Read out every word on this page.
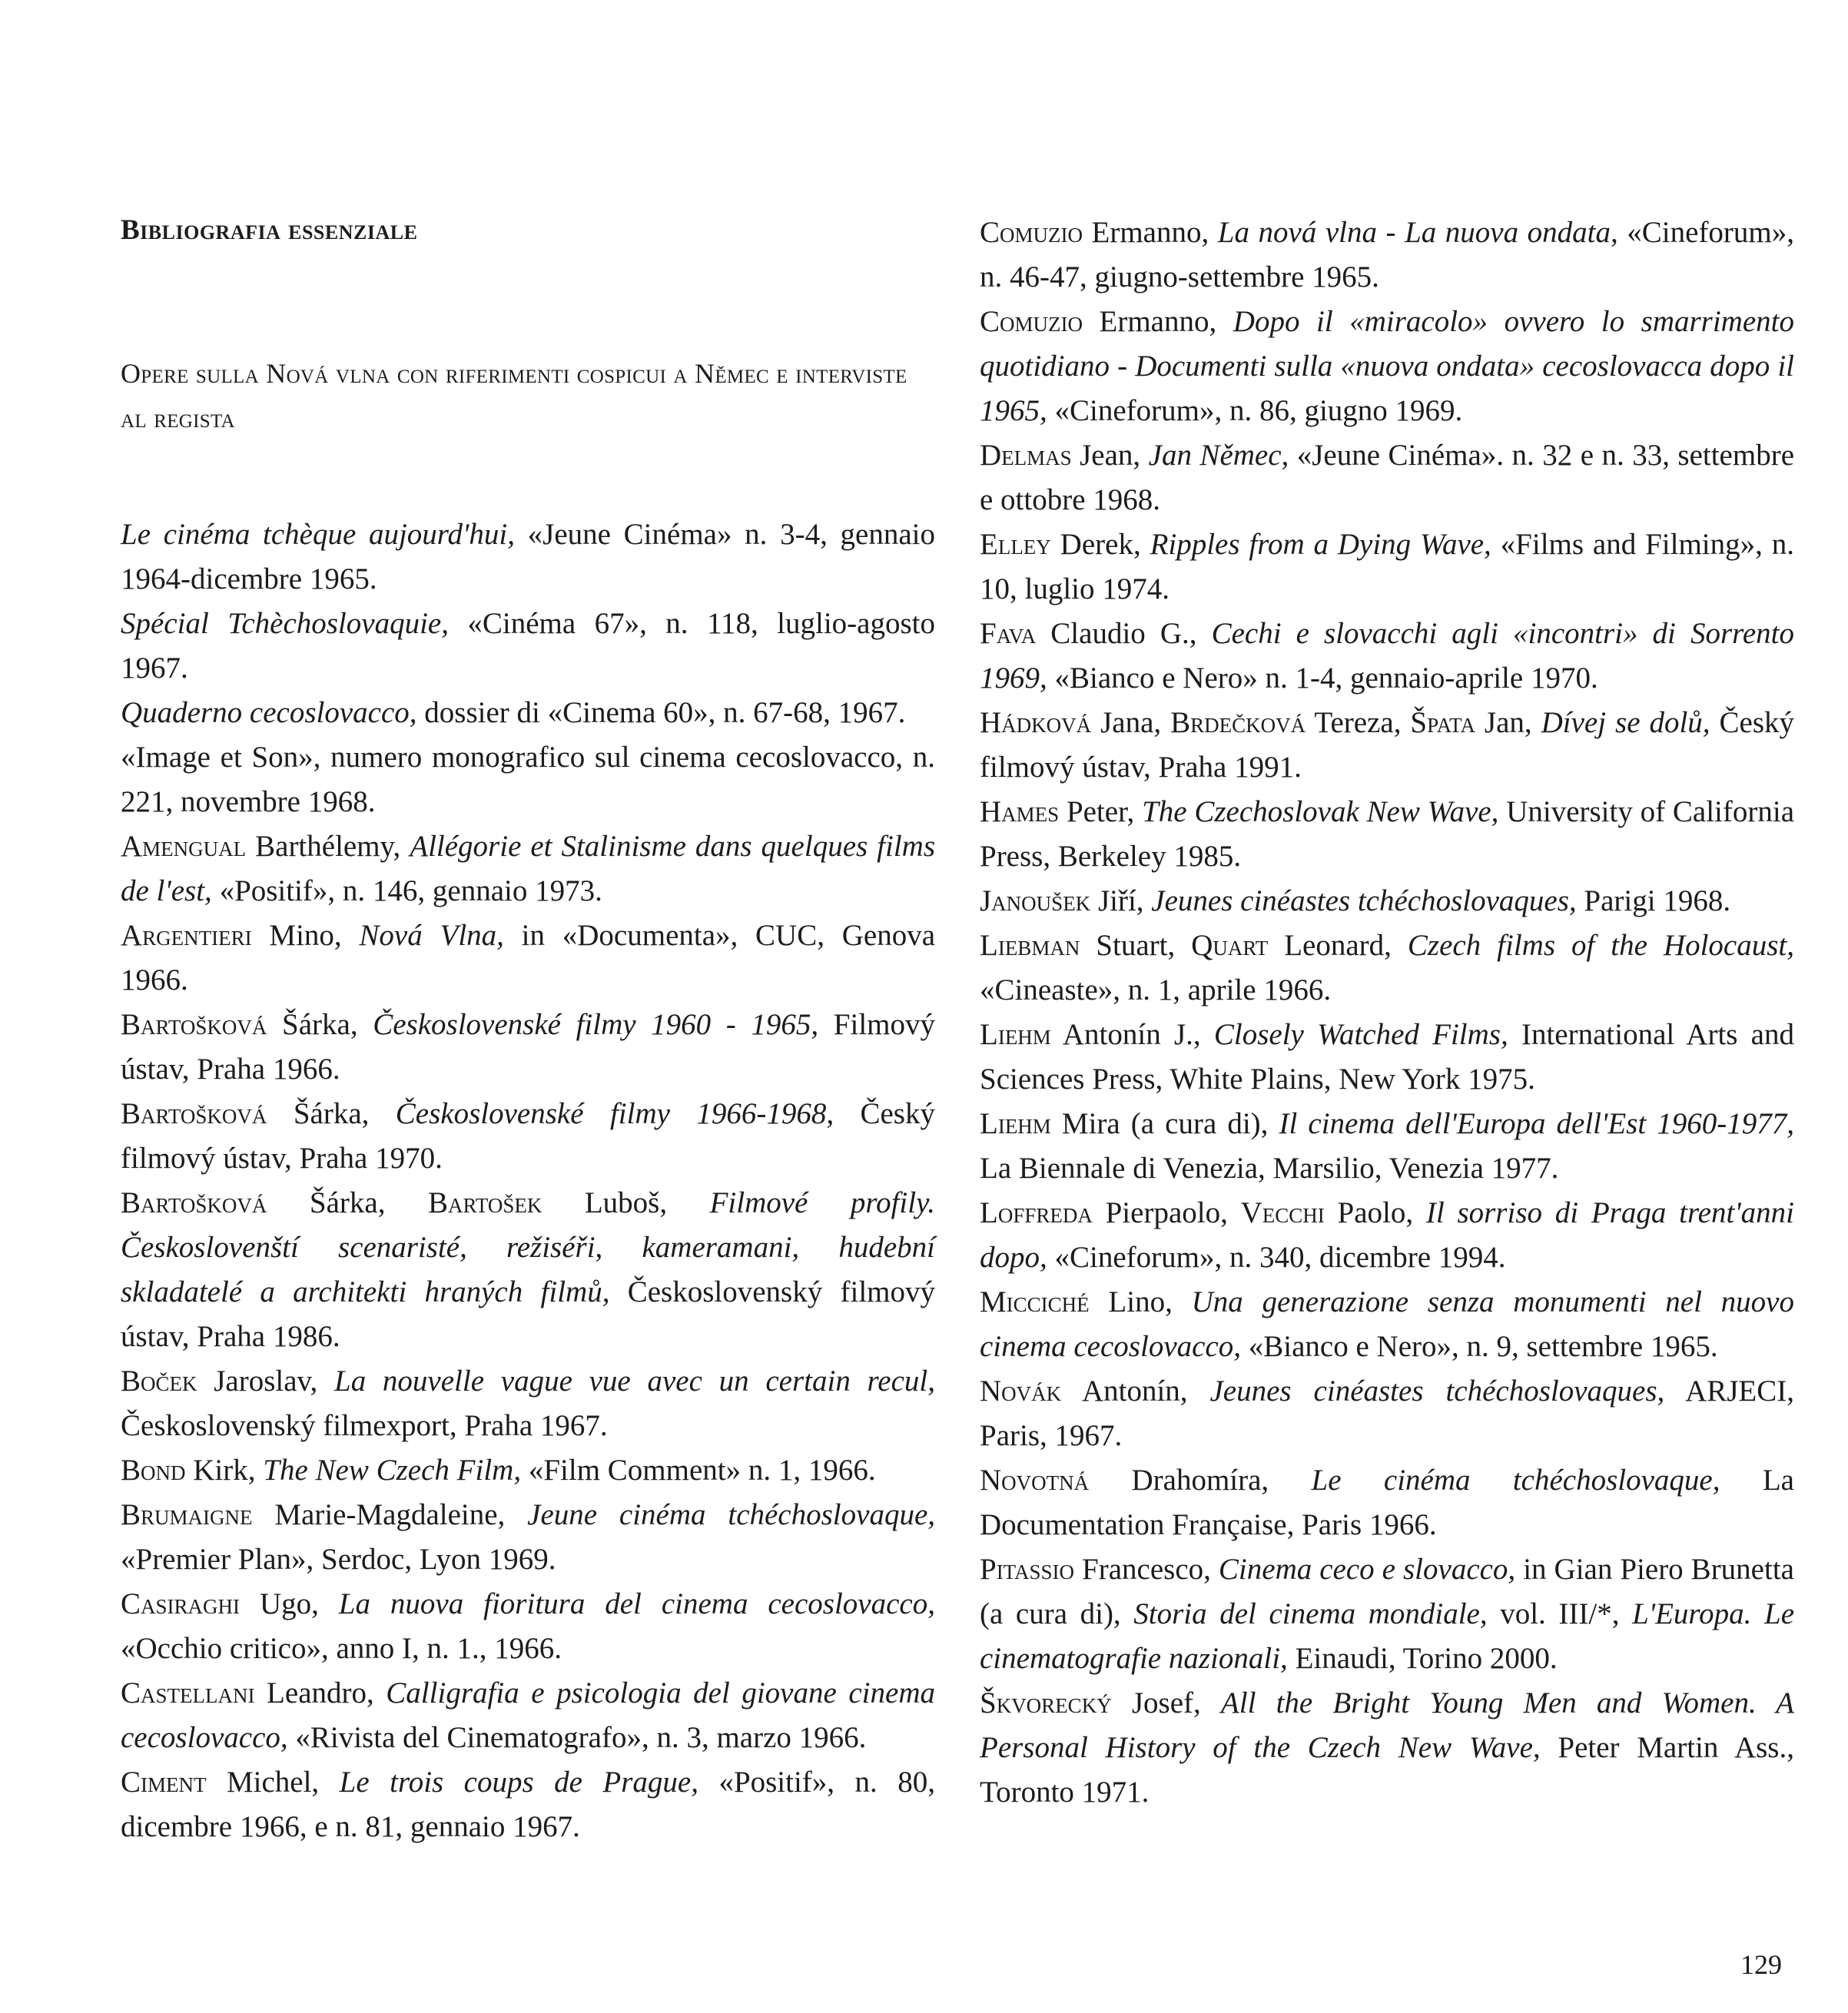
Bibliografia essenziale
Opere sulla Nová vlna con riferimenti cospicui a Němec e interviste al regista

Le cinéma tchèque aujourd'hui, «Jeune Cinéma» n. 3-4, gennaio 1964-dicembre 1965.

Spécial Tchèchoslovaquie, «Cinéma 67», n. 118, luglio-agosto 1967.

Quaderno cecoslovacco, dossier di «Cinema 60», n. 67-68, 1967.

«Image et Son», numero monografico sul cinema cecoslovacco, n. 221, novembre 1968.

Amengual Barthélemy, Allégorie et Stalinisme dans quelques films de l'est, «Positif», n. 146, gennaio 1973.

Argentieri Mino, Nová Vlna, in «Documenta», CUC, Genova 1966.

Bartošková Šárka, Československé filmy 1960 - 1965, Filmový ústav, Praha 1966.

Bartošková Šárka, Československé filmy 1966-1968, Český filmový ústav, Praha 1970.

Bartošková Šárka, Bartošek Luboš, Filmové profily. Českoslovenští scenaristé, režiséři, kameramani, hudební skladatelé a architekti hraných filmů, Československý filmový ústav, Praha 1986.

Boček Jaroslav, La nouvelle vague vue avec un certain recul, Československý filmexport, Praha 1967.

Bond Kirk, The New Czech Film, «Film Comment» n. 1, 1966.

Brumaigne Marie-Magdaleine, Jeune cinéma tchéchoslovaque, «Premier Plan», Serdoc, Lyon 1969.

Casiraghi Ugo, La nuova fioritura del cinema cecoslovacco, «Occhio critico», anno I, n. 1., 1966.

Castellani Leandro, Calligrafia e psicologia del giovane cinema cecoslovacco, «Rivista del Cinematografo», n. 3, marzo 1966.

Ciment Michel, Le trois coups de Prague, «Positif», n. 80, dicembre 1966, e n. 81, gennaio 1967.

Comuzio Ermanno, La nová vlna - La nuova ondata, «Cineforum», n. 46-47, giugno-settembre 1965.

Comuzio Ermanno, Dopo il «miracolo» ovvero lo smarrimento quotidiano - Documenti sulla «nuova ondata» cecoslovacca dopo il 1965, «Cineforum», n. 86, giugno 1969.

Delmas Jean, Jan Němec, «Jeune Cinéma». n. 32 e n. 33, settembre e ottobre 1968.

Elley Derek, Ripples from a Dying Wave, «Films and Filming», n. 10, luglio 1974.

Fava Claudio G., Cechi e slovacchi agli «incontri» di Sorrento 1969, «Bianco e Nero» n. 1-4, gennaio-aprile 1970.

Hádková Jana, Brdečková Tereza, Špata Jan, Dívej se dolů, Český filmový ústav, Praha 1991.

Hames Peter, The Czechoslovak New Wave, University of California Press, Berkeley 1985.

Janoušek Jiří, Jeunes cinéastes tchéchoslovaques, Parigi 1968.

Liebman Stuart, Quart Leonard, Czech films of the Holocaust, «Cineaste», n. 1, aprile 1966.

Liehm Antonín J., Closely Watched Films, International Arts and Sciences Press, White Plains, New York 1975.

Liehm Mira (a cura di), Il cinema dell'Europa dell'Est 1960-1977, La Biennale di Venezia, Marsilio, Venezia 1977.

Loffreda Pierpaolo, Vecchi Paolo, Il sorriso di Praga trent'anni dopo, «Cineforum», n. 340, dicembre 1994.

Micciché Lino, Una generazione senza monumenti nel nuovo cinema cecoslovacco, «Bianco e Nero», n. 9, settembre 1965.

Novák Antonín, Jeunes cinéastes tchéchoslovaques, ARJECI, Paris, 1967.

Novotná Drahomíra, Le cinéma tchéchoslovaque, La Documentation Française, Paris 1966.

Pitassio Francesco, Cinema ceco e slovacco, in Gian Piero Brunetta (a cura di), Storia del cinema mondiale, vol. III/*, L'Europa. Le cinematografie nazionali, Einaudi, Torino 2000.

Škvorecký Josef, All the Bright Young Men and Women. A Personal History of the Czech New Wave, Peter Martin Ass., Toronto 1971.

129
